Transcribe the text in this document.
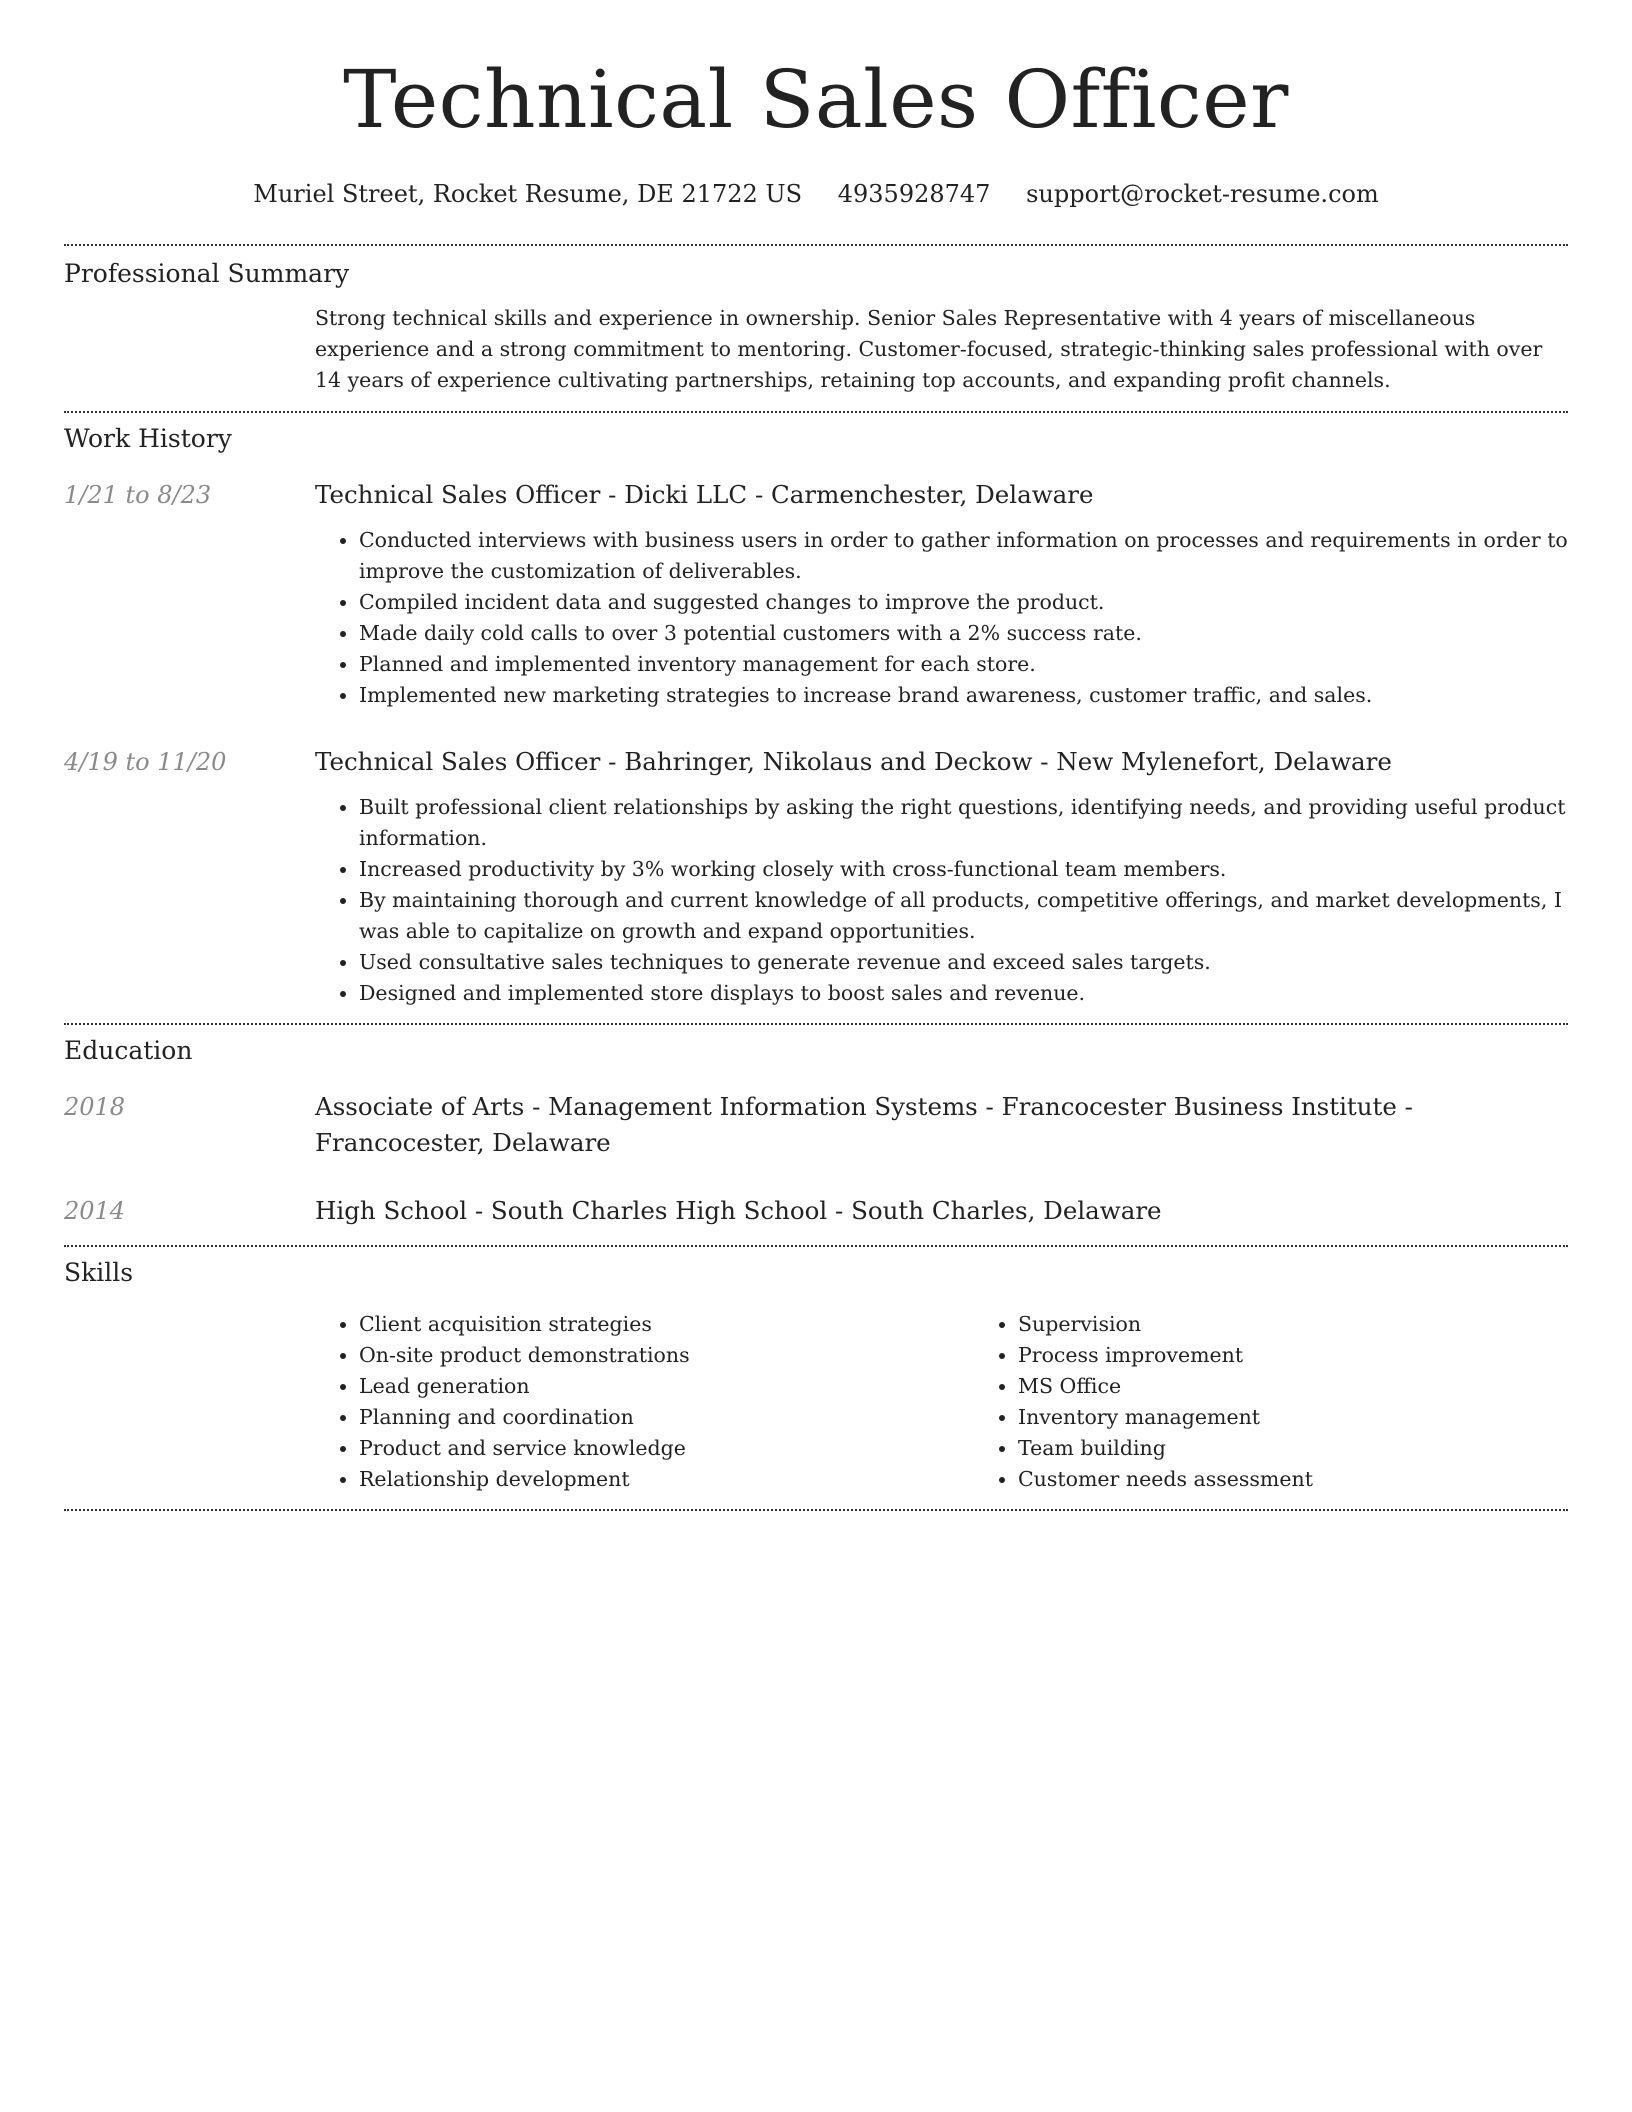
Technical Sales Officer
Muriel Street, Rocket Resume, DE 21722 US 4935928747 support@rocket-resume.com
Professional Summary

Strong technical skills and experience in ownership. Senior Sales Representative with 4 years of miscellaneous experience and a strong commitment to mentoring. Customer-focused, strategic-thinking sales professional with over 14 years of experience cultivating partnerships, retaining top accounts, and expanding profit channels.

Work History
1/21 to 8/23	Technical Sales Officer - Dicki LLC - Carmenchester, Delaware

• Conducted interviews with business users in order to gather information on processes and requirements in order to improve the customization of deliverables.
• Compiled incident data and suggested changes to improve the product.
• Made daily cold calls to over 3 potential customers with a 2% success rate.
• Planned and implemented inventory management for each store.
• Implemented new marketing strategies to increase brand awareness, customer traffic, and sales.
4/19 to 11/20	Technical Sales Officer - Bahringer, Nikolaus and Deckow - New Mylenefort, Delaware

• Built professional client relationships by asking the right questions, identifying needs, and providing useful product information.
• Increased productivity by 3% working closely with cross-functional team members.
• By maintaining thorough and current knowledge of all products, competitive offerings, and market developments, I was able to capitalize on growth and expand opportunities.
• Used consultative sales techniques to generate revenue and exceed sales targets.
• Designed and implemented store displays to boost sales and revenue.
Education
2018	Associate of Arts - Management Information Systems - Francocester Business Institute - Francocester, Delaware

2014	High School - South Charles High School - South Charles, Delaware

Skills
• Client acquisition strategies
• On-site product demonstrations
• Lead generation
• Planning and coordination
• Product and service knowledge
• Relationship development
• Supervision
• Process improvement
• MS Office
• Inventory management
• Team building
• Customer needs assessment
